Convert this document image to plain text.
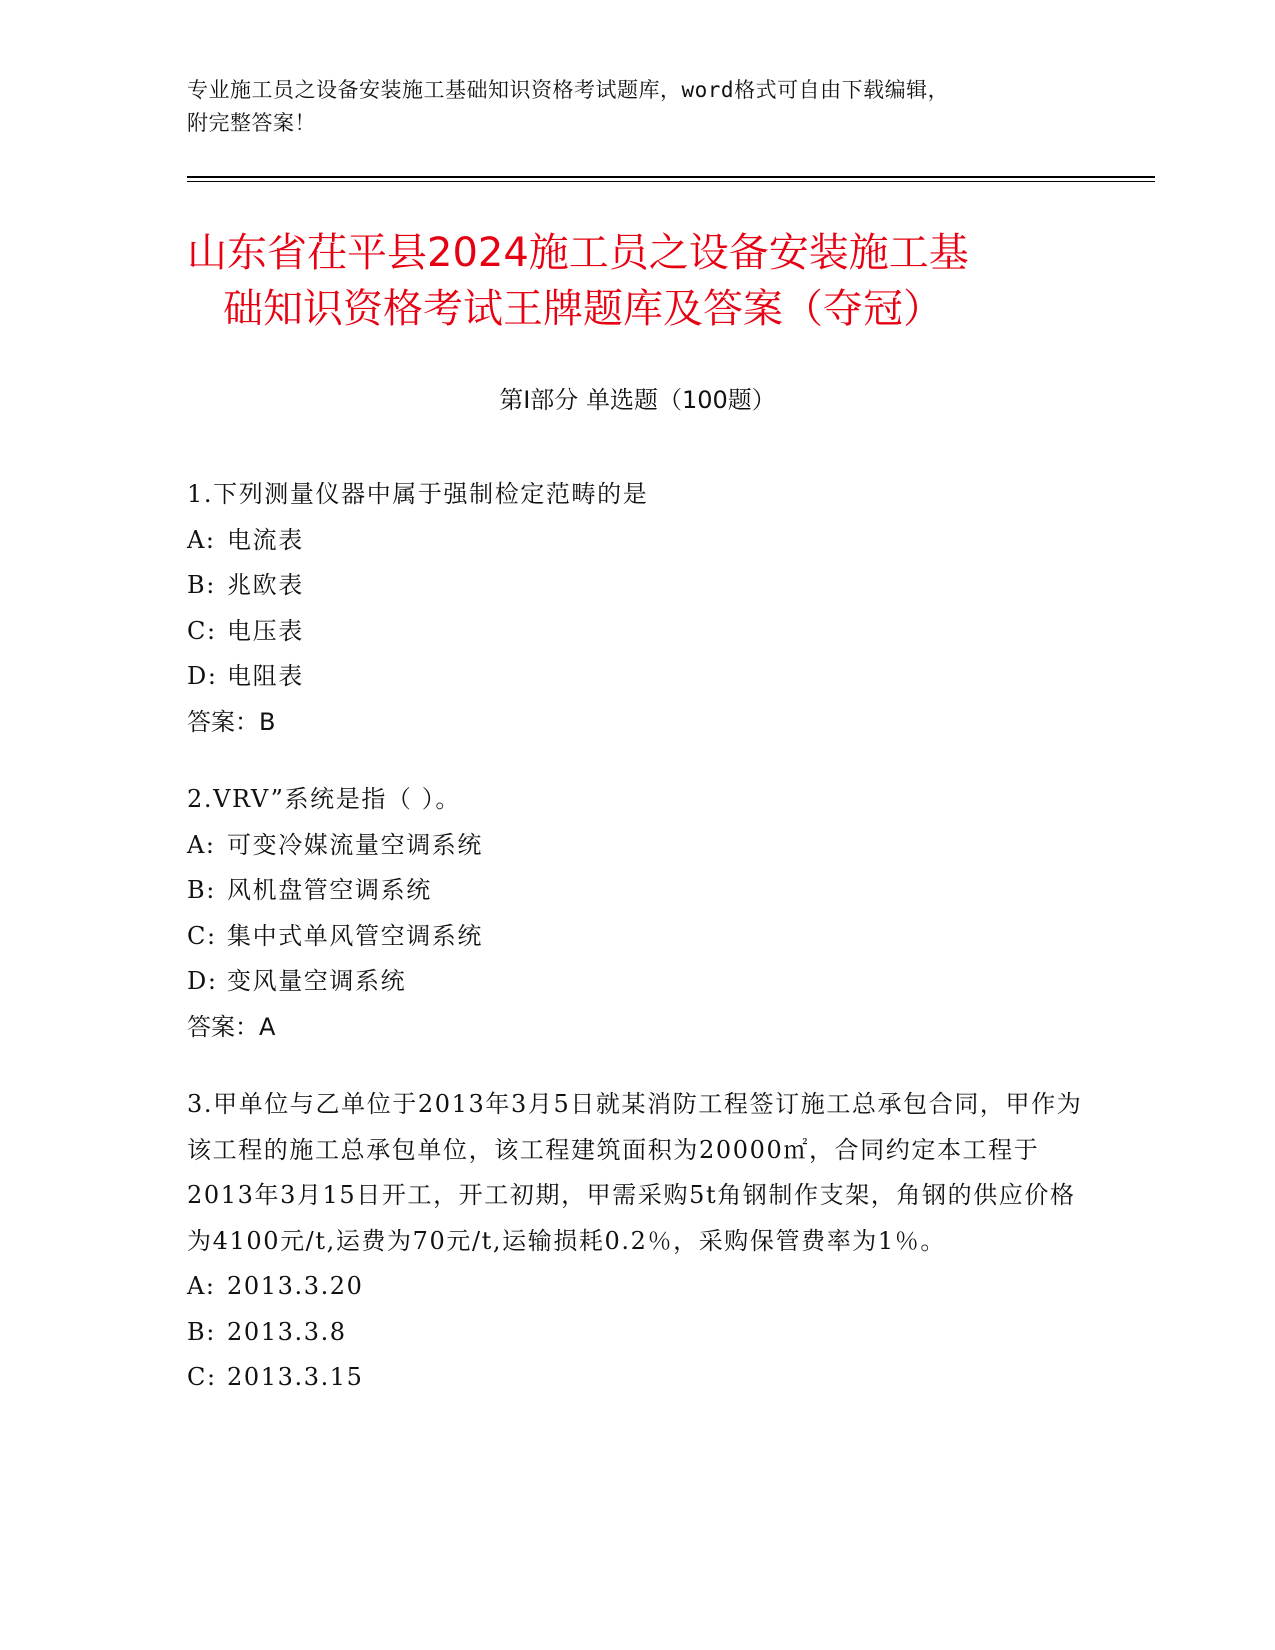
专业施工员之设备安装施工基础知识资格考试题库，word格式可自由下载编辑，
附完整答案！
山东省茌平县2024施工员之设备安装施工基
础知识资格考试王牌题库及答案（夺冠）
第Ⅰ部分 单选题（100题）

1.下列测量仪器中属于强制检定范畴的是

A: 电流表
B: 兆欧表
C: 电压表
D: 电阻表
答案：B

2.VRV”系统是指（ ）。

A: 可变冷媒流量空调系统
B: 风机盘管空调系统
C: 集中式单风管空调系统
D: 变风量空调系统
答案：A

3.甲单位与乙单位于2013年3月5日就某消防工程签订施工总承包合同，甲作为该工程的施工总承包单位，该工程建筑面积为20000㎡，合同约定本工程于2013年3月15日开工，开工初期，甲需采购5t角钢制作支架，角钢的供应价格为4100元/t,运费为70元/t,运输损耗0.2％，采购保管费率为1％。

A: 2013.3.20
B: 2013.3.8
C: 2013.3.15
